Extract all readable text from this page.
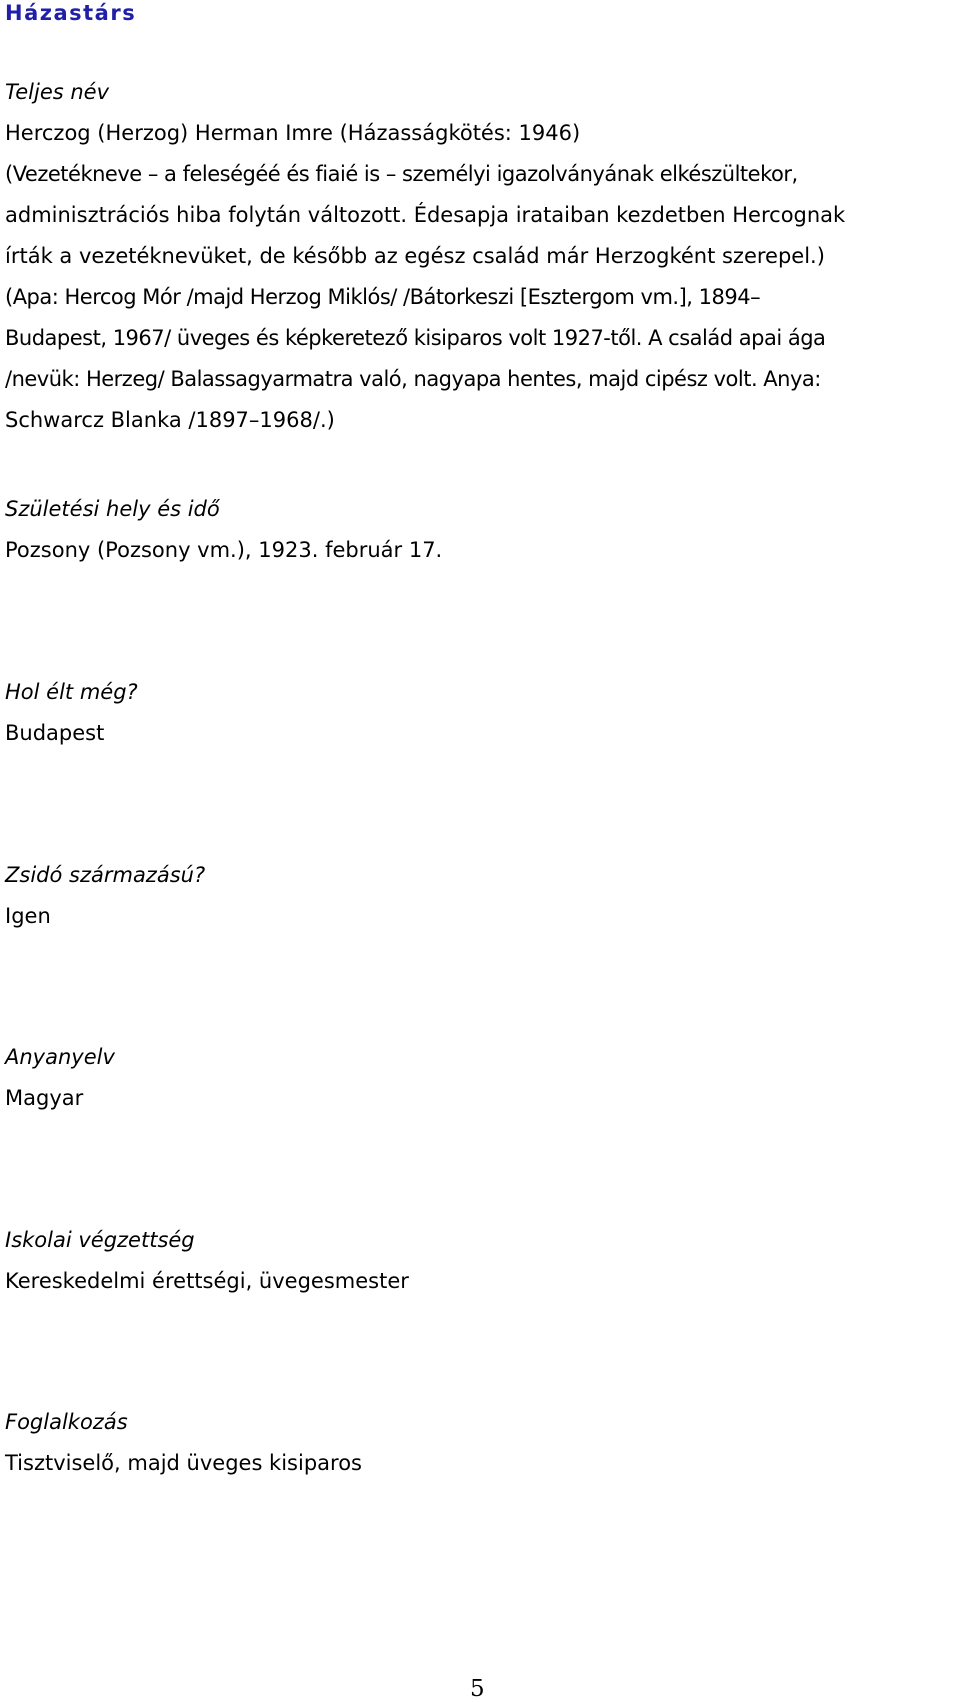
Házastárs

Teljes név

Herczog (Herzog) Herman Imre (Házasságkötés: 1946)
(Vezetékneve – a feleségéé és fiaié is – személyi igazolványának elkészültekor,
adminisztrációs hiba folytán változott. Édesapja irataiban kezdetben Hercognak
írták a vezetéknevüket, de később az egész család már Herzogként szerepel.)
(Apa: Hercog Mór /majd Herzog Miklós/ /Bátorkeszi [Esztergom vm.], 1894–
Budapest, 1967/ üveges és képkeretező kisiparos volt 1927-től. A család apai ága
/nevük: Herzeg/ Balassagyarmatra való, nagyapa hentes, majd cipész volt. Anya:
Schwarcz Blanka /1897–1968/.)

Születési hely és idő

Pozsony (Pozsony vm.), 1923. február 17.

Hol élt még?

Budapest

Zsidó származású?

Igen

Anyanyelv

Magyar

Iskolai végzettség

Kereskedelmi érettségi, üvegesmester

Foglalkozás

Tisztviselő, majd üveges kisiparos

5
